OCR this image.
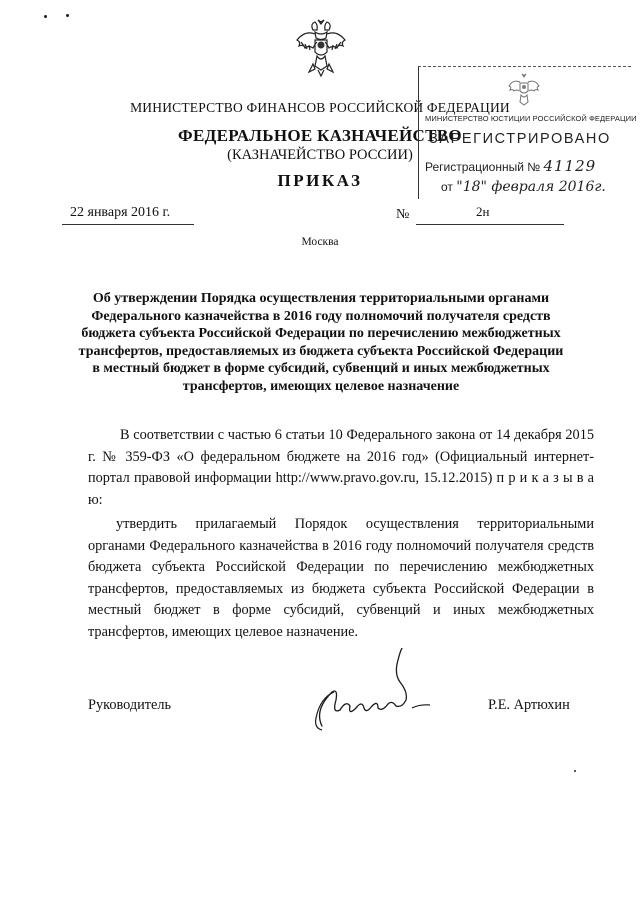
МИНИСТЕРСТВО ФИНАНСОВ РОССИЙСКОЙ ФЕДЕРАЦИИ
ФЕДЕРАЛЬНОЕ КАЗНАЧЕЙСТВО
(КАЗНАЧЕЙСТВО РОССИИ)
ПРИКАЗ
МИНИСТЕРСТВО ЮСТИЦИИ РОССИЙСКОЙ ФЕДЕРАЦИИ
ЗАРЕГИСТРИРОВАНО
Регистрационный № 41129
от "18" февраля 2016г.
22 января 2016 г.	№	2н
Москва
Об утверждении Порядка осуществления территориальными органами Федерального казначейства в 2016 году полномочий получателя средств бюджета субъекта Российской Федерации по перечислению межбюджетных трансфертов, предоставляемых из бюджета субъекта Российской Федерации в местный бюджет в форме субсидий, субвенций и иных межбюджетных трансфертов, имеющих целевое назначение
В соответствии с частью 6 статьи 10 Федерального закона от 14 декабря 2015 г. № 359-ФЗ «О федеральном бюджете на 2016 год» (Официальный интернет-портал правовой информации http://www.pravo.gov.ru, 15.12.2015) п р и к а з ы в а ю:
утвердить прилагаемый Порядок осуществления территориальными органами Федерального казначейства в 2016 году полномочий получателя средств бюджета субъекта Российской Федерации по перечислению межбюджетных трансфертов, предоставляемых из бюджета субъекта Российской Федерации в местный бюджет в форме субсидий, субвенций и иных межбюджетных трансфертов, имеющих целевое назначение.
Руководитель	Р.Е. Артюхин
